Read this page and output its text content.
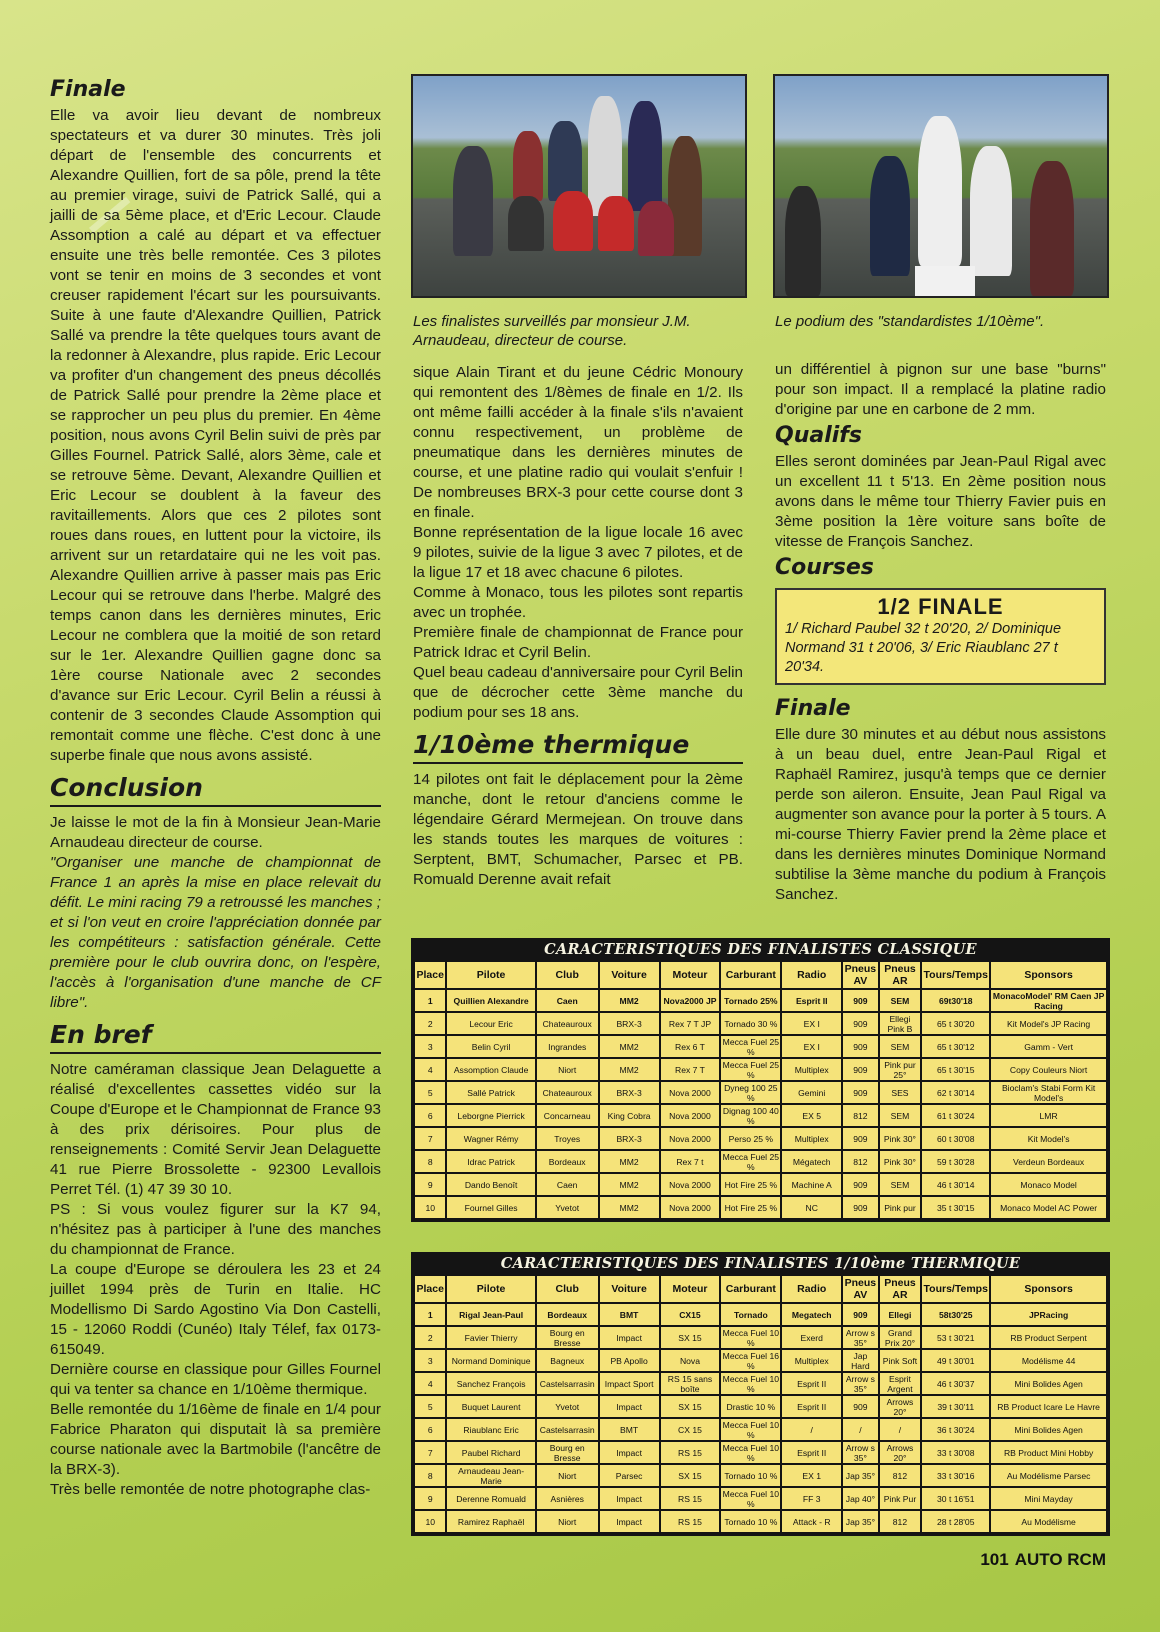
—
Finale

Elle va avoir lieu devant de nombreux spectateurs et va durer 30 minutes. Très joli départ de l'ensemble des concurrents et Alexandre Quillien, fort de sa pôle, prend la tête au premier virage, suivi de Patrick Sallé, qui a jailli de sa 5ème place, et d'Eric Lecour. Claude Assomption a calé au départ et va effectuer ensuite une très belle remontée. Ces 3 pilotes vont se tenir en moins de 3 secondes et vont creuser rapidement l'écart sur les poursuivants. Suite à une faute d'Alexandre Quillien, Patrick Sallé va prendre la tête quelques tours avant de la redonner à Alexandre, plus rapide. Eric Lecour va profiter d'un changement des pneus décollés de Patrick Sallé pour prendre la 2ème place et se rapprocher un peu plus du premier. En 4ème position, nous avons Cyril Belin suivi de près par Gilles Fournel. Patrick Sallé, alors 3ème, cale et se retrouve 5ème. Devant, Alexandre Quillien et Eric Lecour se doublent à la faveur des ravitaillements. Alors que ces 2 pilotes sont roues dans roues, en luttent pour la victoire, ils arrivent sur un retardataire qui ne les voit pas. Alexandre Quillien arrive à passer mais pas Eric Lecour qui se retrouve dans l'herbe. Malgré des temps canon dans les dernières minutes, Eric Lecour ne comblera que la moitié de son retard sur le 1er. Alexandre Quillien gagne donc sa 1ère course Nationale avec 2 secondes d'avance sur Eric Lecour. Cyril Belin a réussi à contenir de 3 secondes Claude Assomption qui remontait comme une flèche. C'est donc à une superbe finale que nous avons assisté.

Conclusion

Je laisse le mot de la fin à Monsieur Jean-Marie Arnaudeau directeur de course.

"Organiser une manche de championnat de France 1 an après la mise en place relevait du défit. Le mini racing 79 a retroussé les manches ; et si l'on veut en croire l'appréciation donnée par les compétiteurs : satisfaction générale. Cette première pour le club ouvrira donc, on l'espère, l'accès à l'organisation d'une manche de CF libre".

En bref

Notre caméraman classique Jean Delaguette a réalisé d'excellentes cassettes vidéo sur la Coupe d'Europe et le Championnat de France 93 à des prix dérisoires. Pour plus de renseignements : Comité Servir Jean Delaguette 41 rue Pierre Brossolette - 92300 Levallois Perret Tél. (1) 47 39 30 10.

PS : Si vous voulez figurer sur la K7 94, n'hésitez pas à participer à l'une des manches du championnat de France.

La coupe d'Europe se déroulera les 23 et 24 juillet 1994 près de Turin en Italie. HC Modellismo Di Sardo Agostino Via Don Castelli, 15 - 12060 Roddi (Cunéo) Italy Télef, fax 0173-615049.

Dernière course en classique pour Gilles Fournel qui va tenter sa chance en 1/10ème thermique.

Belle remontée du 1/16ème de finale en 1/4 pour Fabrice Pharaton qui disputait là sa première course nationale avec la Bartmobile (l'ancêtre de la BRX-3).

Très belle remontée de notre photographe clas-

Les finalistes surveillés par monsieur J.M. Arnaudeau, directeur de course.
Le podium des "standardistes 1/10ème".

sique Alain Tirant et du jeune Cédric Monoury qui remontent des 1/8èmes de finale en 1/2. Ils ont même failli accéder à la finale s'ils n'avaient connu respectivement, un problème de pneumatique dans les dernières minutes de course, et une platine radio qui voulait s'enfuir ! De nombreuses BRX-3 pour cette course dont 3 en finale.

Bonne représentation de la ligue locale 16 avec 9 pilotes, suivie de la ligue 3 avec 7 pilotes, et de la ligue 17 et 18 avec chacune 6 pilotes.

Comme à Monaco, tous les pilotes sont repartis avec un trophée.

Première finale de championnat de France pour Patrick Idrac et Cyril Belin.

Quel beau cadeau d'anniversaire pour Cyril Belin que de décrocher cette 3ème manche du podium pour ses 18 ans.

1/10ème thermique

14 pilotes ont fait le déplacement pour la 2ème manche, dont le retour d'anciens comme le légendaire Gérard Mermejean. On trouve dans les stands toutes les marques de voitures : Serptent, BMT, Schumacher, Parsec et PB. Romuald Derenne avait refait

un différentiel à pignon sur une base "burns" pour son impact. Il a remplacé la platine radio d'origine par une en carbone de 2 mm.

Qualifs

Elles seront dominées par Jean-Paul Rigal avec un excellent 11 t 5'13. En 2ème position nous avons dans le même tour Thierry Favier puis en 3ème position la 1ère voiture sans boîte de vitesse de François Sanchez.

Courses
1/2 FINALE
1/ Richard Paubel 32 t 20'20, 2/ Dominique Normand 31 t 20'06, 3/ Eric Riaublanc 27 t 20'34.
Finale

Elle dure 30 minutes et au début nous assistons à un beau duel, entre Jean-Paul Rigal et Raphaël Ramirez, jusqu'à temps que ce dernier perde son aileron. Ensuite, Jean Paul Rigal va augmenter son avance pour la porter à 5 tours. A mi-course Thierry Favier prend la 2ème place et dans les dernières minutes Dominique Normand subtilise la 3ème manche du podium à François Sanchez.

CARACTERISTIQUES DES FINALISTES CLASSIQUE
Place	Pilote	Club	Voiture	Moteur	Carburant	Radio	Pneus AV	Pneus AR	Tours/Temps	Sponsors
1	Quillien Alexandre	Caen	MM2	Nova2000 JP	Tornado 25%	Esprit II	909	SEM	69t30'18	MonacoModel' RM Caen JP Racing
2	Lecour Eric	Chateauroux	BRX-3	Rex 7 T JP	Tornado 30 %	EX I	909	Ellegi Pink B	65 t 30'20	Kit Model's JP Racing
3	Belin Cyril	Ingrandes	MM2	Rex 6 T	Mecca Fuel 25 %	EX I	909	SEM	65 t 30'12	Gamm - Vert
4	Assomption Claude	Niort	MM2	Rex 7 T	Mecca Fuel 25 %	Multiplex	909	Pink pur 25°	65 t 30'15	Copy Couleurs Niort
5	Sallé Patrick	Chateauroux	BRX-3	Nova 2000	Dyneg 100 25 %	Gemini	909	SES	62 t 30'14	Bioclam's Stabi Form Kit Model's
6	Leborgne Pierrick	Concarneau	King Cobra	Nova 2000	Dignag 100 40 %	EX 5	812	SEM	61 t 30'24	LMR
7	Wagner Rémy	Troyes	BRX-3	Nova 2000	Perso 25 %	Multiplex	909	Pink 30°	60 t 30'08	Kit Model's
8	Idrac Patrick	Bordeaux	MM2	Rex 7 t	Mecca Fuel 25 %	Mégatech	812	Pink 30°	59 t 30'28	Verdeun Bordeaux
9	Dando Benoît	Caen	MM2	Nova 2000	Hot Fire 25 %	Machine A	909	SEM	46 t 30'14	Monaco Model
10	Fournel Gilles	Yvetot	MM2	Nova 2000	Hot Fire 25 %	NC	909	Pink pur	35 t 30'15	Monaco Model AC Power
CARACTERISTIQUES DES FINALISTES 1/10ème THERMIQUE
Place	Pilote	Club	Voiture	Moteur	Carburant	Radio	Pneus AV	Pneus AR	Tours/Temps	Sponsors
1	Rigal Jean-Paul	Bordeaux	BMT	CX15	Tornado	Megatech	909	Ellegi	58t30'25	JPRacing
2	Favier Thierry	Bourg en Bresse	Impact	SX 15	Mecca Fuel 10 %	Exerd	Arrow s 35°	Grand Prix 20°	53 t 30'21	RB Product Serpent
3	Normand Dominique	Bagneux	PB Apollo	Nova	Mecca Fuel 16 %	Multiplex	Jap Hard	Pink Soft	49 t 30'01	Modélisme 44
4	Sanchez François	Castelsarrasin	Impact Sport	RS 15 sans boîte	Mecca Fuel 10 %	Esprit II	Arrow s 35°	Esprit Argent	46 t 30'37	Mini Bolides Agen
5	Buquet Laurent	Yvetot	Impact	SX 15	Drastic 10 %	Esprit II	909	Arrows 20°	39 t 30'11	RB Product Icare Le Havre
6	Riaublanc Eric	Castelsarrasin	BMT	CX 15	Mecca Fuel 10 %	/	/	/	36 t 30'24	Mini Bolides Agen
7	Paubel Richard	Bourg en Bresse	Impact	RS 15	Mecca Fuel 10 %	Esprit II	Arrow s 35°	Arrows 20°	33 t 30'08	RB Product Mini Hobby
8	Arnaudeau Jean-Marie	Niort	Parsec	SX 15	Tornado 10 %	EX 1	Jap 35°	812	33 t 30'16	Au Modélisme Parsec
9	Derenne Romuald	Asnières	Impact	RS 15	Mecca Fuel 10 %	FF 3	Jap 40°	Pink Pur	30 t 16'51	Mini Mayday
10	Ramirez Raphaël	Niort	Impact	RS 15	Tornado 10 %	Attack - R	Jap 35°	812	28 t 28'05	Au Modélisme
101 AUTO RCM
